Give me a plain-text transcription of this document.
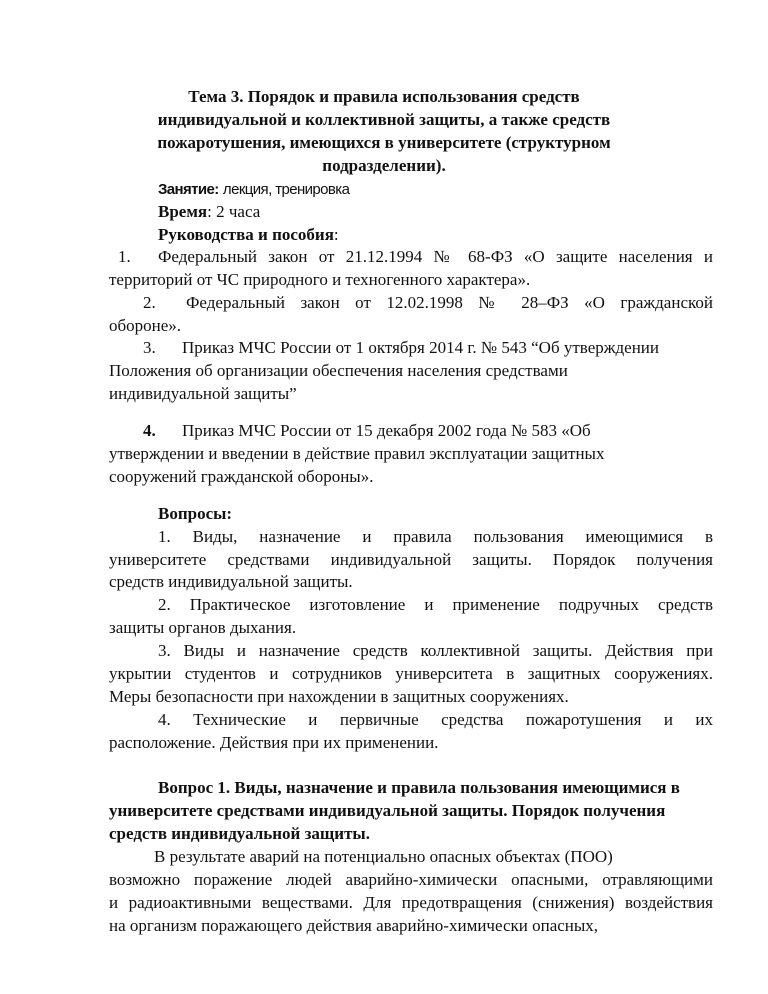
Тема 3. Порядок и правила использования средств
индивидуальной и коллективной защиты, а также средств
пожаротушения, имеющихся в университете (структурном
подразделении).
Занятие: лекция, тренировка
Время: 2 часа
Руководства и пособия:
1. Федеральный закон от 21.12.1994 № 68-ФЗ «О защите населения и
территорий от ЧС природного и техногенного характера».
2. Федеральный закон от 12.02.1998 № 28–ФЗ «О гражданской
обороне».
3. Приказ МЧС России от 1 октября 2014 г. № 543 “Об утверждении
Положения об организации обеспечения населения средствами
индивидуальной защиты”
4. Приказ МЧС России от 15 декабря 2002 года № 583 «Об
утверждении и введении в действие правил эксплуатации защитных
сооружений гражданской обороны».
Вопросы:
1. Виды, назначение и правила пользования имеющимися в
университете средствами индивидуальной защиты. Порядок получения
средств индивидуальной защиты.
2. Практическое изготовление и применение подручных средств
защиты органов дыхания.
3. Виды и назначение средств коллективной защиты. Действия при
укрытии студентов и сотрудников университета в защитных сооружениях.
Меры безопасности при нахождении в защитных сооружениях.
4. Технические и первичные средства пожаротушения и их
расположение. Действия при их применении.
Вопрос 1. Виды, назначение и правила пользования имеющимися в
университете средствами индивидуальной защиты. Порядок получения
средств индивидуальной защиты.
В результате аварий на потенциально опасных объектах (ПОО)
возможно поражение людей аварийно-химически опасными, отравляющими
и радиоактивными веществами. Для предотвращения (снижения) воздействия
на организм поражающего действия аварийно-химически опасных,
